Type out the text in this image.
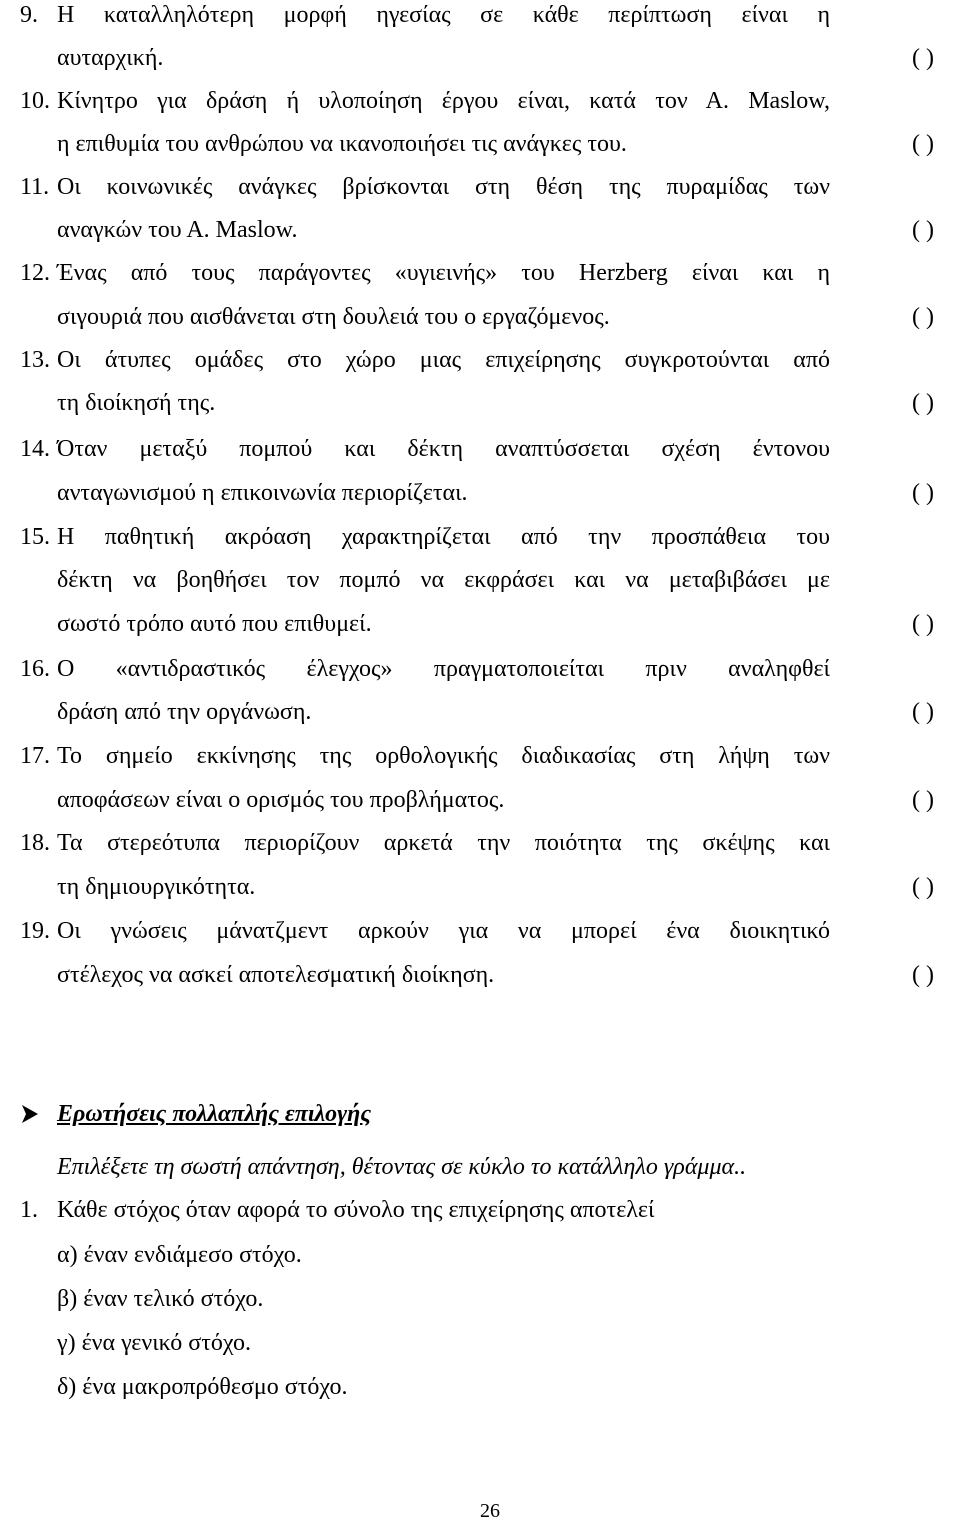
9. Η καταλληλότερη μορφή ηγεσίας σε κάθε περίπτωση είναι η
αυταρχική.	( )
10. Κίνητρο για δράση ή υλοποίηση έργου είναι, κατά τον Α. Maslow,
η επιθυμία του ανθρώπου να ικανοποιήσει τις ανάγκες του.	( )
11. Οι κοινωνικές ανάγκες βρίσκονται στη θέση της πυραμίδας των
αναγκών του Α. Maslow.	( )
12. Ένας από τους παράγοντες «υγιεινής» του Herzberg είναι και η
σιγουριά που αισθάνεται στη δουλειά του ο εργαζόμενος.	( )
13. Οι άτυπες ομάδες στο χώρο μιας επιχείρησης συγκροτούνται από
τη διοίκησή της.	( )
14. Όταν μεταξύ πομπού και δέκτη αναπτύσσεται σχέση έντονου
ανταγωνισμού η επικοινωνία περιορίζεται.	( )
15. Η παθητική ακρόαση χαρακτηρίζεται από την προσπάθεια του
δέκτη να βοηθήσει τον πομπό να εκφράσει και να μεταβιβάσει με
σωστό τρόπο αυτό που επιθυμεί.	( )
16. Ο «αντιδραστικός έλεγχος» πραγματοποιείται πριν αναληφθεί
δράση από την οργάνωση.	( )
17. Το σημείο εκκίνησης της ορθολογικής διαδικασίας στη λήψη των
αποφάσεων είναι ο ορισμός του προβλήματος.	( )
18. Τα στερεότυπα περιορίζουν αρκετά την ποιότητα της σκέψης και
τη δημιουργικότητα.	( )
19. Οι γνώσεις μάνατζμεντ αρκούν για να μπορεί ένα διοικητικό
στέλεχος να ασκεί αποτελεσματική διοίκηση.	( )
Ερωτήσεις πολλαπλής επιλογής
Επιλέξετε τη σωστή απάντηση, θέτοντας σε κύκλο το κατάλληλο γράμμα..
1. Κάθε στόχος όταν αφορά το σύνολο της επιχείρησης αποτελεί
α) έναν ενδιάμεσο στόχο.
β) έναν τελικό στόχο.
γ) ένα γενικό στόχο.
δ) ένα μακροπρόθεσμο στόχο.
26
